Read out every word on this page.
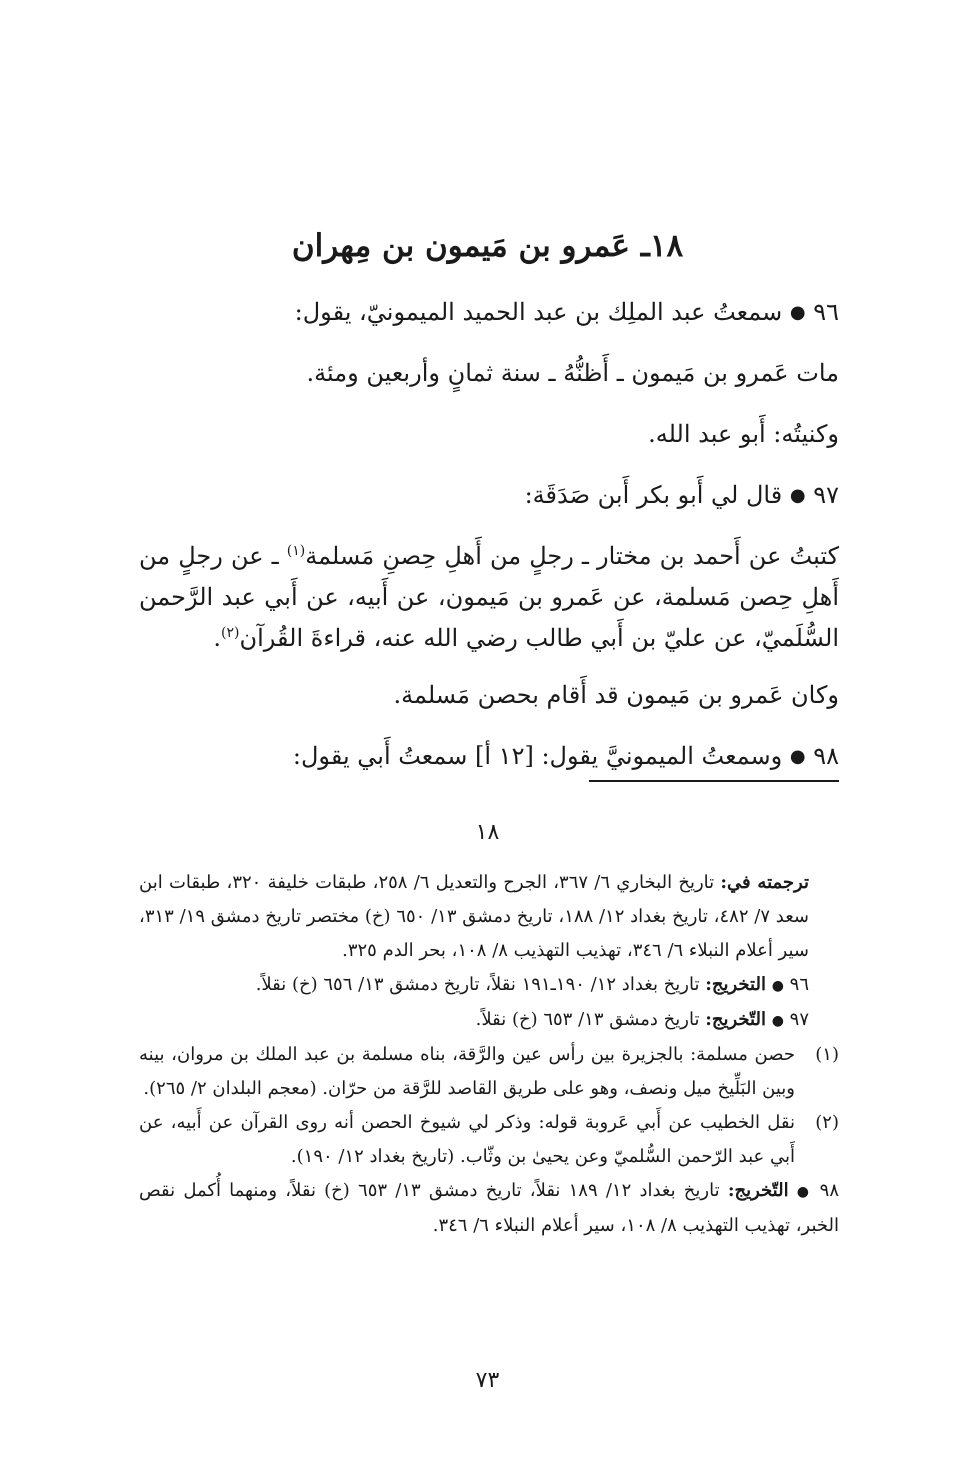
١٨ـ عَمرو بن مَيمون بن مِهران

٩٦ ● سمعتُ عبد الملِك بن عبد الحميد الميمونيّ، يقول:

مات عَمرو بن مَيمون ـ أَظنُّهُ ـ سنة ثمانٍ وأربعين ومئة.

وكنيتُه: أَبو عبد الله.

٩٧ ● قال لي أَبو بكر أَبن صَدَقَة:

كتبتُ عن أَحمد بن مختار ـ رجلٍ من أَهلِ حِصنِ مَسلمة$^{(١)}$ ـ عن رجلٍ من أَهلِ حِصن مَسلمة، عن عَمرو بن مَيمون، عن أَبيه، عن أَبي عبد الرَّحمن السُّلَميّ، عن عليّ بن أَبي طالب رضي الله عنه، قراءةَ القُرآن$^{(٢)}$.

وكان عَمرو بن مَيمون قد أَقام بحصن مَسلمة.

٩٨ ● وسمعتُ الميمونيَّ يقول: [١٢ أ] سمعتُ أَبي يقول:

١٨

ترجمته في: تاريخ البخاري ٦/ ٣٦٧، الجرح والتعديل ٦/ ٢٥٨، طبقات خليفة ٣٢٠، طبقات ابن سعد ٧/ ٤٨٢، تاريخ بغداد ١٢/ ١٨٨، تاريخ دمشق ١٣/ ٦٥٠ (خ) مختصر تاريخ دمشق ١٩/ ٣١٣، سير أعلام النبلاء ٦/ ٣٤٦، تهذيب التهذيب ٨/ ١٠٨، بحر الدم ٣٢٥.

٩٦ ● التخريج: تاريخ بغداد ١٢/ ١٩٠ـ١٩١ نقلاً، تاريخ دمشق ١٣/ ٦٥٦ (خ) نقلاً.

٩٧ ● التّخريج: تاريخ دمشق ١٣/ ٦٥٣ (خ) نقلاً.

(١)
حصن مسلمة: بالجزيرة بين رأس عين والرَّقة، بناه مسلمة بن عبد الملك بن مروان، بينه وبين البَلِّيخ ميل ونصف، وهو على طريق القاصد للرَّقة من حرّان. (معجم البلدان ٢/ ٢٦٥).
(٢)
نقل الخطيب عن أَبي عَروبة قوله: وذكر لي شيوخ الحصن أنه روى القرآن عن أَبيه، عن أَبي عبد الرّحمن السُّلميّ وعن يحيىٰ بن وثّاب. (تاريخ بغداد ١٢/ ١٩٠).

٩٨ ● التّخريج: تاريخ بغداد ١٢/ ١٨٩ نقلاً، تاريخ دمشق ١٣/ ٦٥٣ (خ) نقلاً، ومنهما أُكمل نقص الخبر، تهذيب التهذيب ٨/ ١٠٨، سير أعلام النبلاء ٦/ ٣٤٦.

٧٣
